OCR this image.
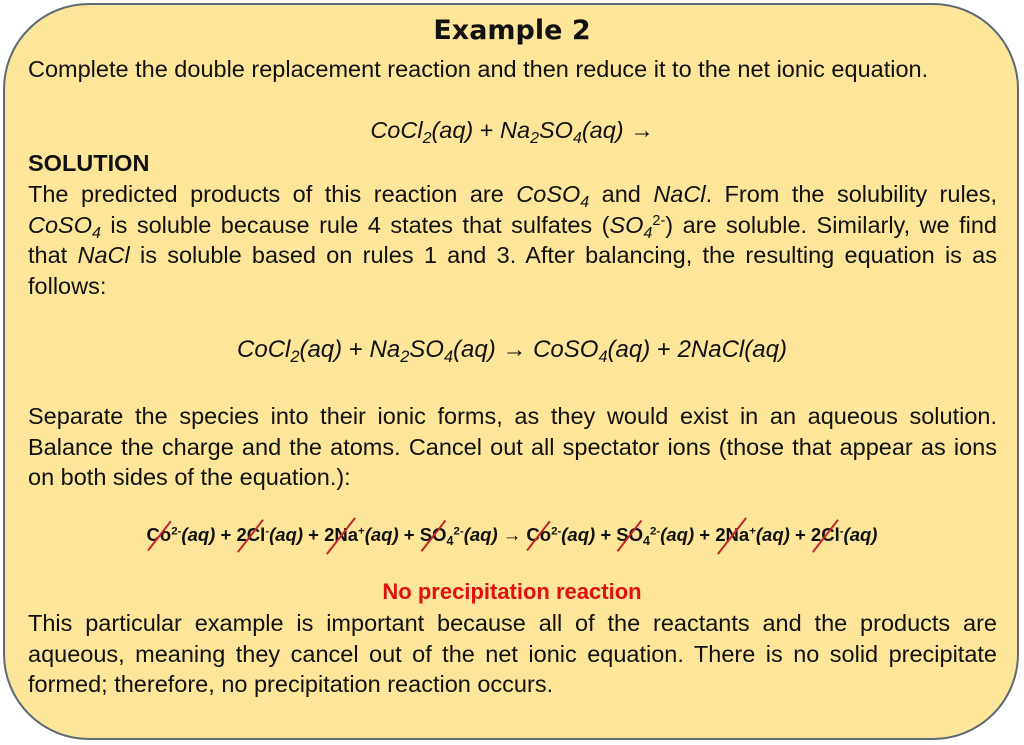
Example 2
Complete the double replacement reaction and then reduce it to the net ionic equation.
CoCl$_2$(aq) + $Na_2SO_4(aq)$ →
SOLUTION
The predicted products of this reaction are CoSO$_4$ and NaCl. From the solubility rules, CoSO$_4$ is soluble because rule 4 states that sulfates $(SO_4^{2-})$ are soluble. Similarly, we find that NaCl is soluble based on rules 1 and 3. After balancing, the resulting equation is as follows:
CoCl$_2$(aq) + $Na_2SO_4(aq)$ → CoSO$_4$(aq) + 2NaCl(aq)
Separate the species into their ionic forms, as they would exist in an aqueous solution. Balance the charge and the atoms. Cancel out all spectator ions (those that appear as ions on both sides of the equation.):
$Co^{2-}(aq) + 2Cl^-(aq) + 2Na^+(aq) + SO_4^{2-}(aq) \to Co^{2-}(aq) + SO_4^{2-}(aq) + 2Na^+(aq) + 2Cl^-(aq)$
No precipitation reaction
This particular example is important because all of the reactants and the products are aqueous, meaning they cancel out of the net ionic equation. There is no solid precipitate formed; therefore, no precipitation reaction occurs.
